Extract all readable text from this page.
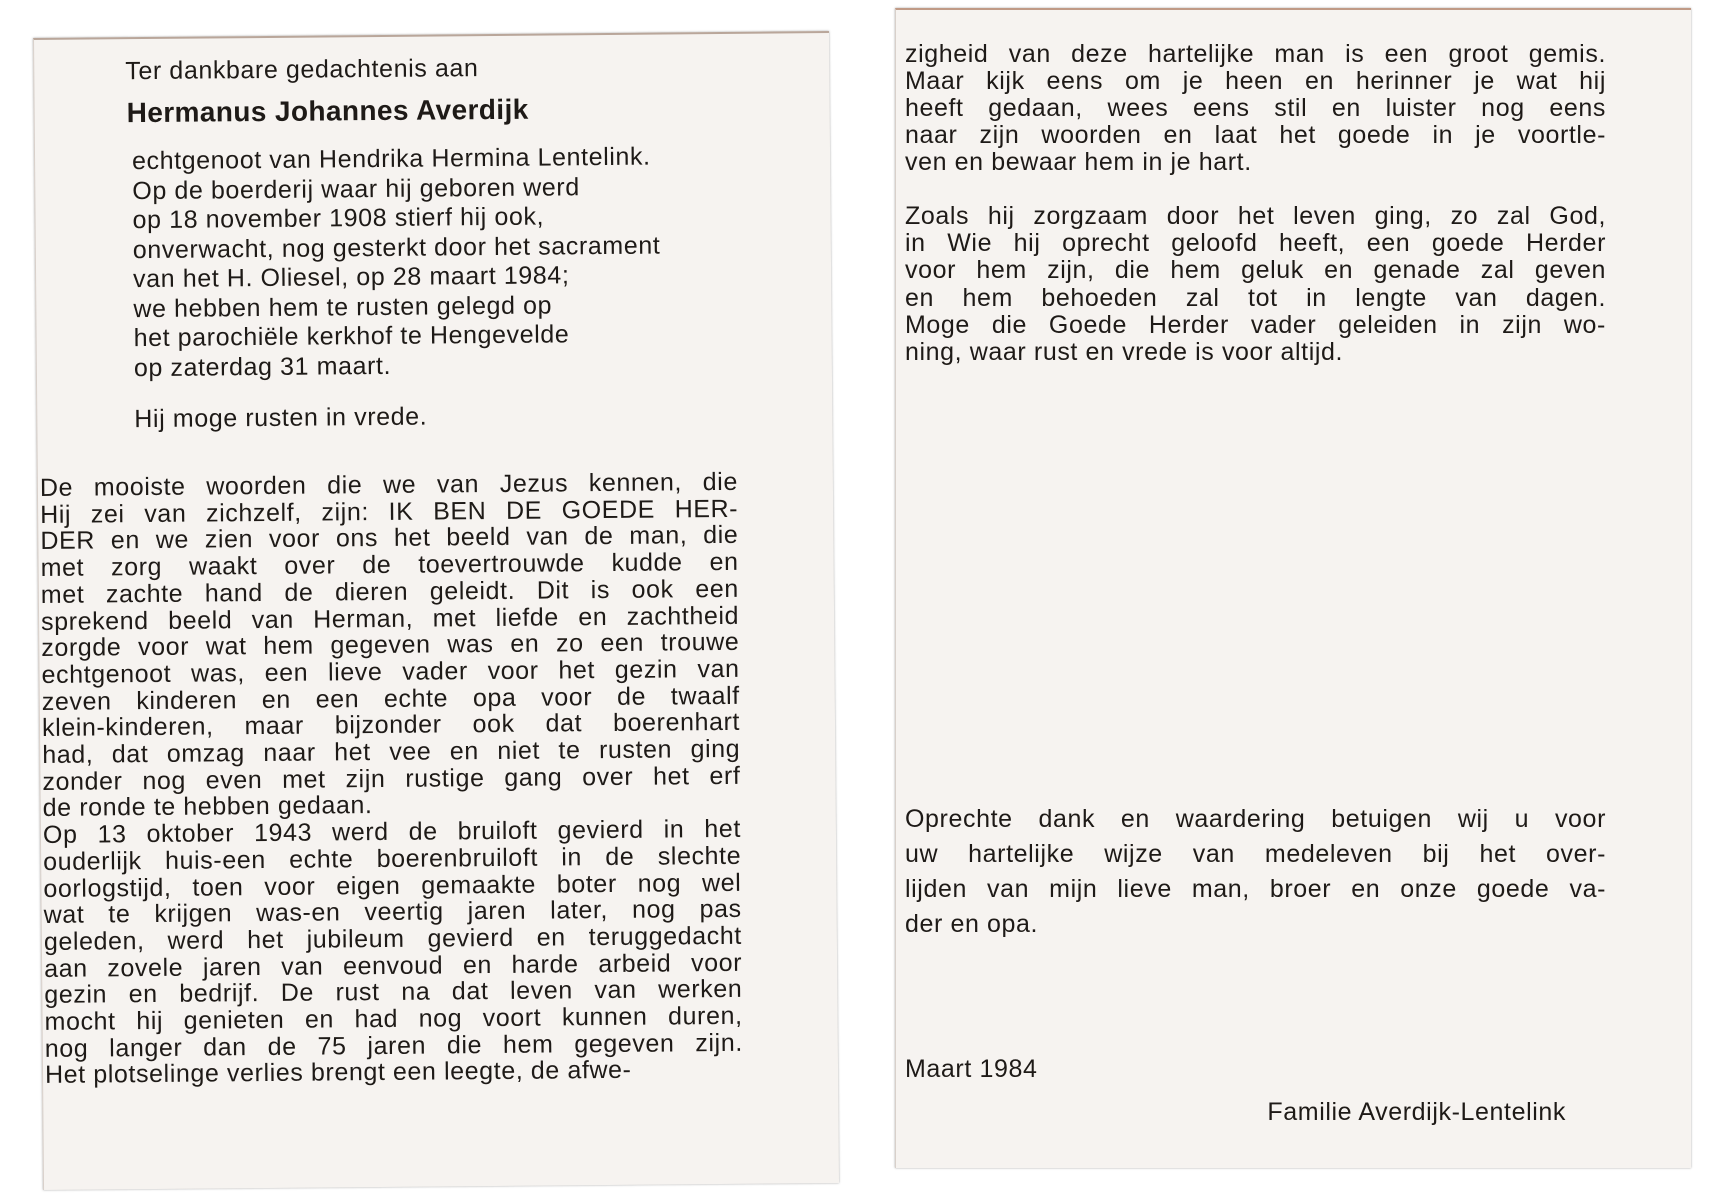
Ter dankbare gedachtenis aan
Hermanus Johannes Averdijk
echtgenoot van Hendrika Hermina Lentelink.
Op de boerderij waar hij geboren werd
op 18 november 1908 stierf hij ook,
onverwacht, nog gesterkt door het sacrament
van het H. Oliesel, op 28 maart 1984;
we hebben hem te rusten gelegd op
het parochiële kerkhof te Hengevelde
op zaterdag 31 maart.
Hij moge rusten in vrede.
De mooiste woorden die we van Jezus kennen, die
Hij zei van zichzelf, zijn: IK BEN DE GOEDE HER-
DER en we zien voor ons het beeld van de man, die
met zorg waakt over de toevertrouwde kudde en
met zachte hand de dieren geleidt. Dit is ook een
sprekend beeld van Herman, met liefde en zachtheid
zorgde voor wat hem gegeven was en zo een trouwe
echtgenoot was, een lieve vader voor het gezin van
zeven kinderen en een echte opa voor de twaalf
klein-kinderen, maar bijzonder ook dat boerenhart
had, dat omzag naar het vee en niet te rusten ging
zonder nog even met zijn rustige gang over het erf
de ronde te hebben gedaan.
Op 13 oktober 1943 werd de bruiloft gevierd in het
ouderlijk huis-een echte boerenbruiloft in de slechte
oorlogstijd, toen voor eigen gemaakte boter nog wel
wat te krijgen was-en veertig jaren later, nog pas
geleden, werd het jubileum gevierd en teruggedacht
aan zovele jaren van eenvoud en harde arbeid voor
gezin en bedrijf. De rust na dat leven van werken
mocht hij genieten en had nog voort kunnen duren,
nog langer dan de 75 jaren die hem gegeven zijn.
Het plotselinge verlies brengt een leegte, de afwe-
zigheid van deze hartelijke man is een groot gemis.
Maar kijk eens om je heen en herinner je wat hij
heeft gedaan, wees eens stil en luister nog eens
naar zijn woorden en laat het goede in je voortle-
ven en bewaar hem in je hart.
Zoals hij zorgzaam door het leven ging, zo zal God,
in Wie hij oprecht geloofd heeft, een goede Herder
voor hem zijn, die hem geluk en genade zal geven
en hem behoeden zal tot in lengte van dagen.
Moge die Goede Herder vader geleiden in zijn wo-
ning, waar rust en vrede is voor altijd.
Oprechte dank en waardering betuigen wij u voor
uw hartelijke wijze van medeleven bij het over-
lijden van mijn lieve man, broer en onze goede va-
der en opa.
Maart 1984
Familie Averdijk-Lentelink
